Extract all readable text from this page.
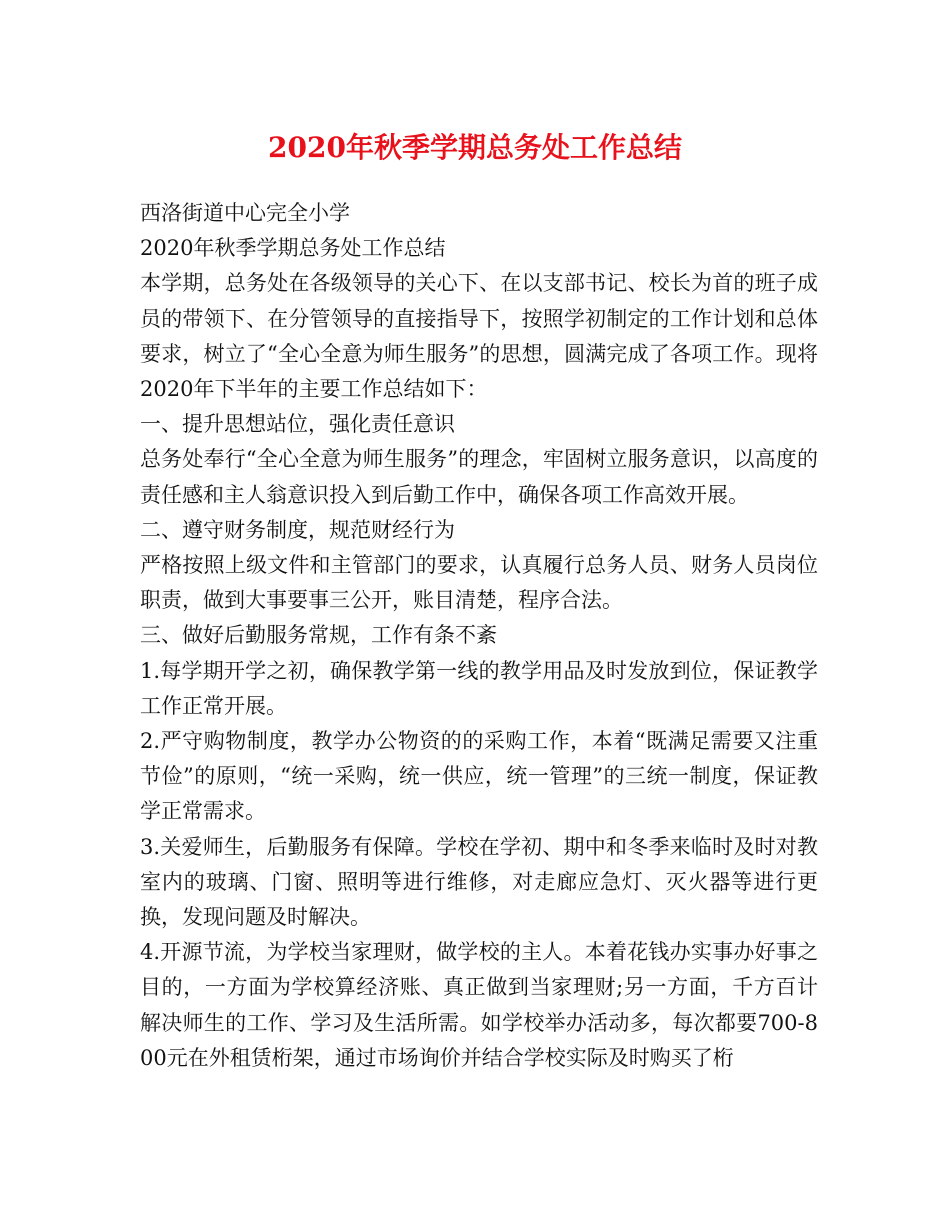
2020年秋季学期总务处工作总结

西洛街道中心完全小学

2020年秋季学期总务处工作总结

本学期，总务处在各级领导的关心下、在以支部书记、校长为首的班子成员的带领下、在分管领导的直接指导下，按照学初制定的工作计划和总体要求，树立了“全心全意为师生服务”的思想，圆满完成了各项工作。现将2020年下半年的主要工作总结如下：

一、提升思想站位，强化责任意识

总务处奉行“全心全意为师生服务”的理念，牢固树立服务意识，以高度的责任感和主人翁意识投入到后勤工作中，确保各项工作高效开展。

二、遵守财务制度，规范财经行为

严格按照上级文件和主管部门的要求，认真履行总务人员、财务人员岗位职责，做到大事要事三公开，账目清楚，程序合法。

三、做好后勤服务常规，工作有条不紊

1.每学期开学之初，确保教学第一线的教学用品及时发放到位，保证教学工作正常开展。

2.严守购物制度，教学办公物资的的采购工作，本着“既满足需要又注重节俭”的原则，“统一采购，统一供应，统一管理”的三统一制度，保证教学正常需求。

3.关爱师生，后勤服务有保障。学校在学初、期中和冬季来临时及时对教室内的玻璃、门窗、照明等进行维修，对走廊应急灯、灭火器等进行更换，发现问题及时解决。

4.开源节流，为学校当家理财，做学校的主人。本着花钱办实事办好事之目的，一方面为学校算经济账、真正做到当家理财;另一方面，千方百计解决师生的工作、学习及生活所需。如学校举办活动多，每次都要700-800元在外租赁桁架，通过市场询价并结合学校实际及时购买了桁
